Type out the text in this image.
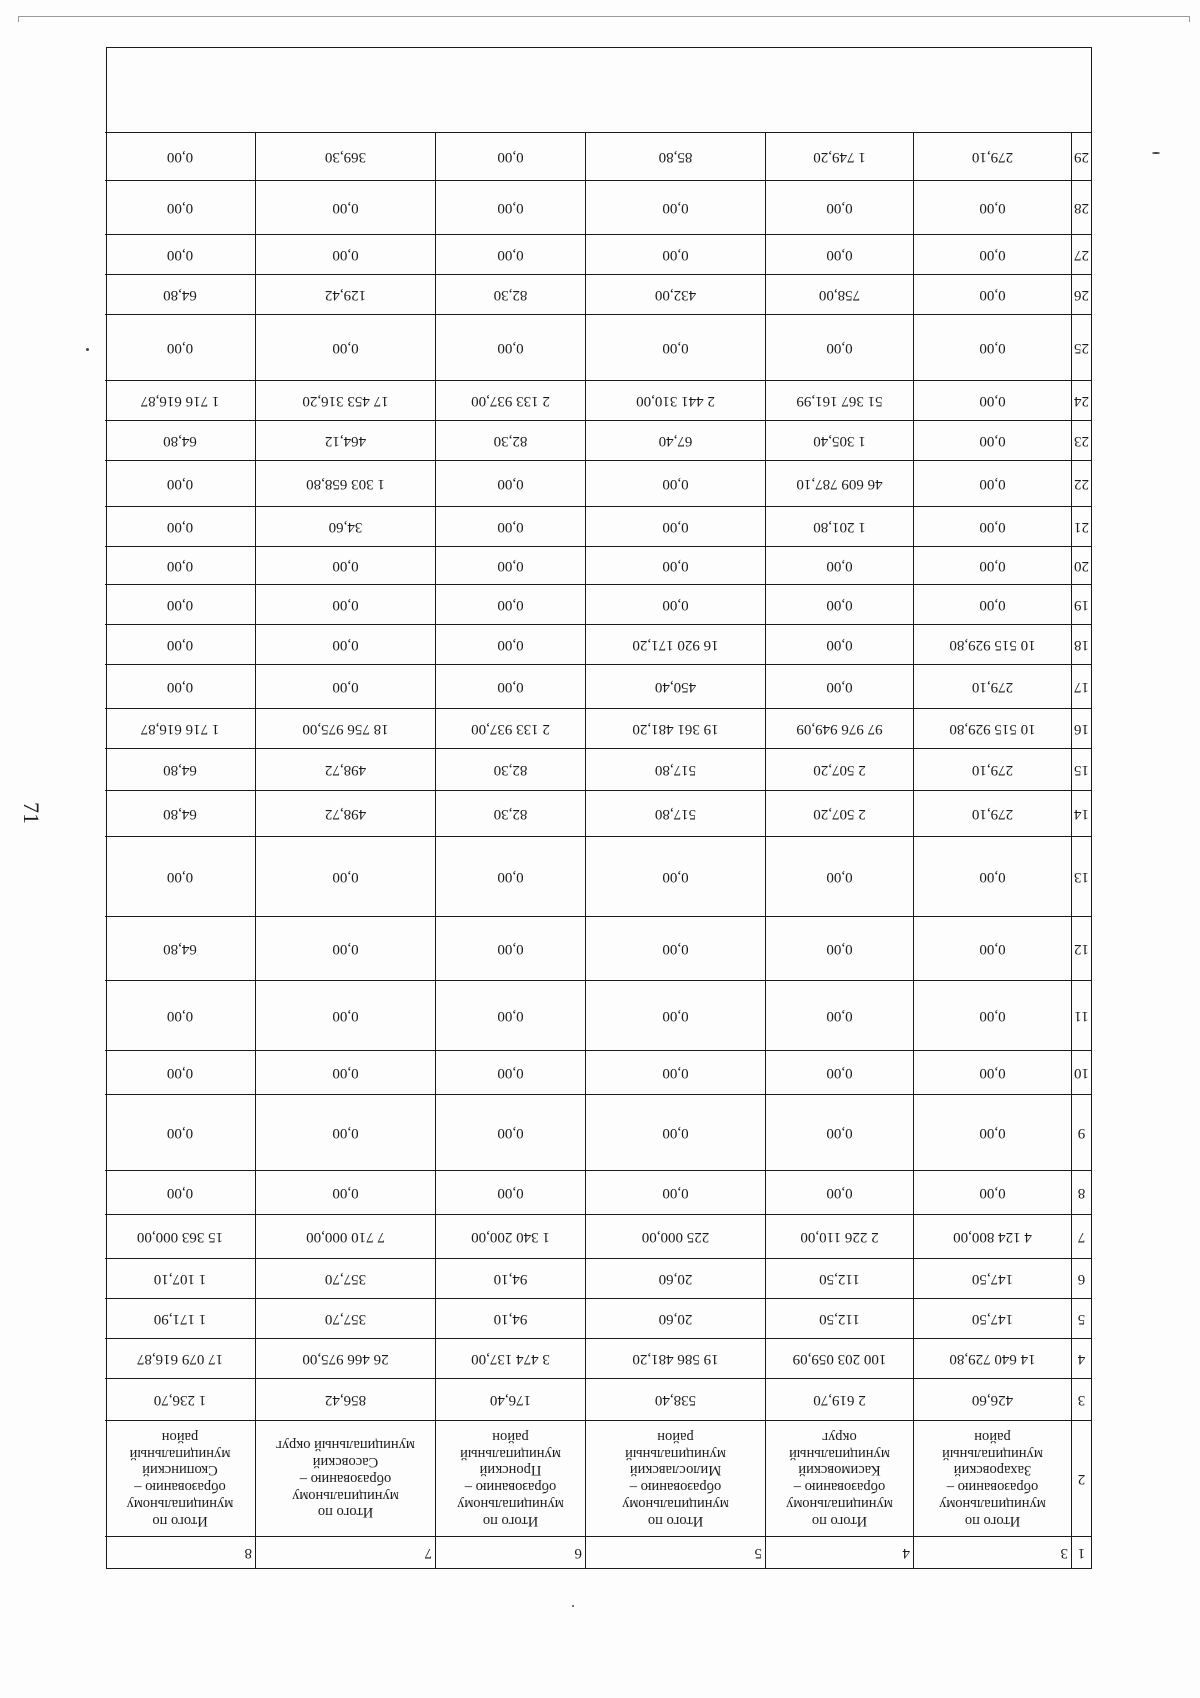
71
1
3
4
5
6
7
8
2
Итого по
муниципальному
образованию –
Захаровский
муниципальный
район
Итого по
муниципальному
образованию –
Касимовский
муниципальный округ
Итого по
муниципальному
образованию –
Милославский
муниципальный
район
Итого по
муниципальному
образованию –
Пронский
муниципальный
район
Итого по
муниципальному
образованию –
Сасовский
муниципальный округ
Итого по
муниципальному
образованию –
Скопинский
муниципальный
район
3
426,60
2 619,70
538,40
176,40
856,42
1 236,70
4
14 640 729,80
100 203 059,09
19 586 481,20
3 474 137,00
26 466 975,00
17 079 616,87
5
147,50
112,50
20,60
94,10
357,70
1 171,90
6
147,50
112,50
20,60
94,10
357,70
1 107,10
7
4 124 800,00
2 226 110,00
225 000,00
1 340 200,00
7 710 000,00
15 363 000,00
8
0,00
0,00
0,00
0,00
0,00
0,00
9
0,00
0,00
0,00
0,00
0,00
0,00
10
0,00
0,00
0,00
0,00
0,00
0,00
11
0,00
0,00
0,00
0,00
0,00
0,00
12
0,00
0,00
0,00
0,00
0,00
64,80
13
0,00
0,00
0,00
0,00
0,00
0,00
14
279,10
2 507,20
517,80
82,30
498,72
64,80
15
279,10
2 507,20
517,80
82,30
498,72
64,80
16
10 515 929,80
97 976 949,09
19 361 481,20
2 133 937,00
18 756 975,00
1 716 616,87
17
279,10
0,00
450,40
0,00
0,00
0,00
18
10 515 929,80
0,00
16 920 171,20
0,00
0,00
0,00
19
0,00
0,00
0,00
0,00
0,00
0,00
20
0,00
0,00
0,00
0,00
0,00
0,00
21
0,00
1 201,80
0,00
0,00
34,60
0,00
22
0,00
46 609 787,10
0,00
0,00
1 303 658,80
0,00
23
0,00
1 305,40
67,40
82,30
464,12
64,80
24
0,00
51 367 161,99
2 441 310,00
2 133 937,00
17 453 316,20
1 716 616,87
25
0,00
0,00
0,00
0,00
0,00
0,00
26
0,00
758,00
432,00
82,30
129,42
64,80
27
0,00
0,00
0,00
0,00
0,00
0,00
28
0,00
0,00
0,00
0,00
0,00
0,00
29
279,10
1 749,20
85,80
0,00
369,30
0,00
